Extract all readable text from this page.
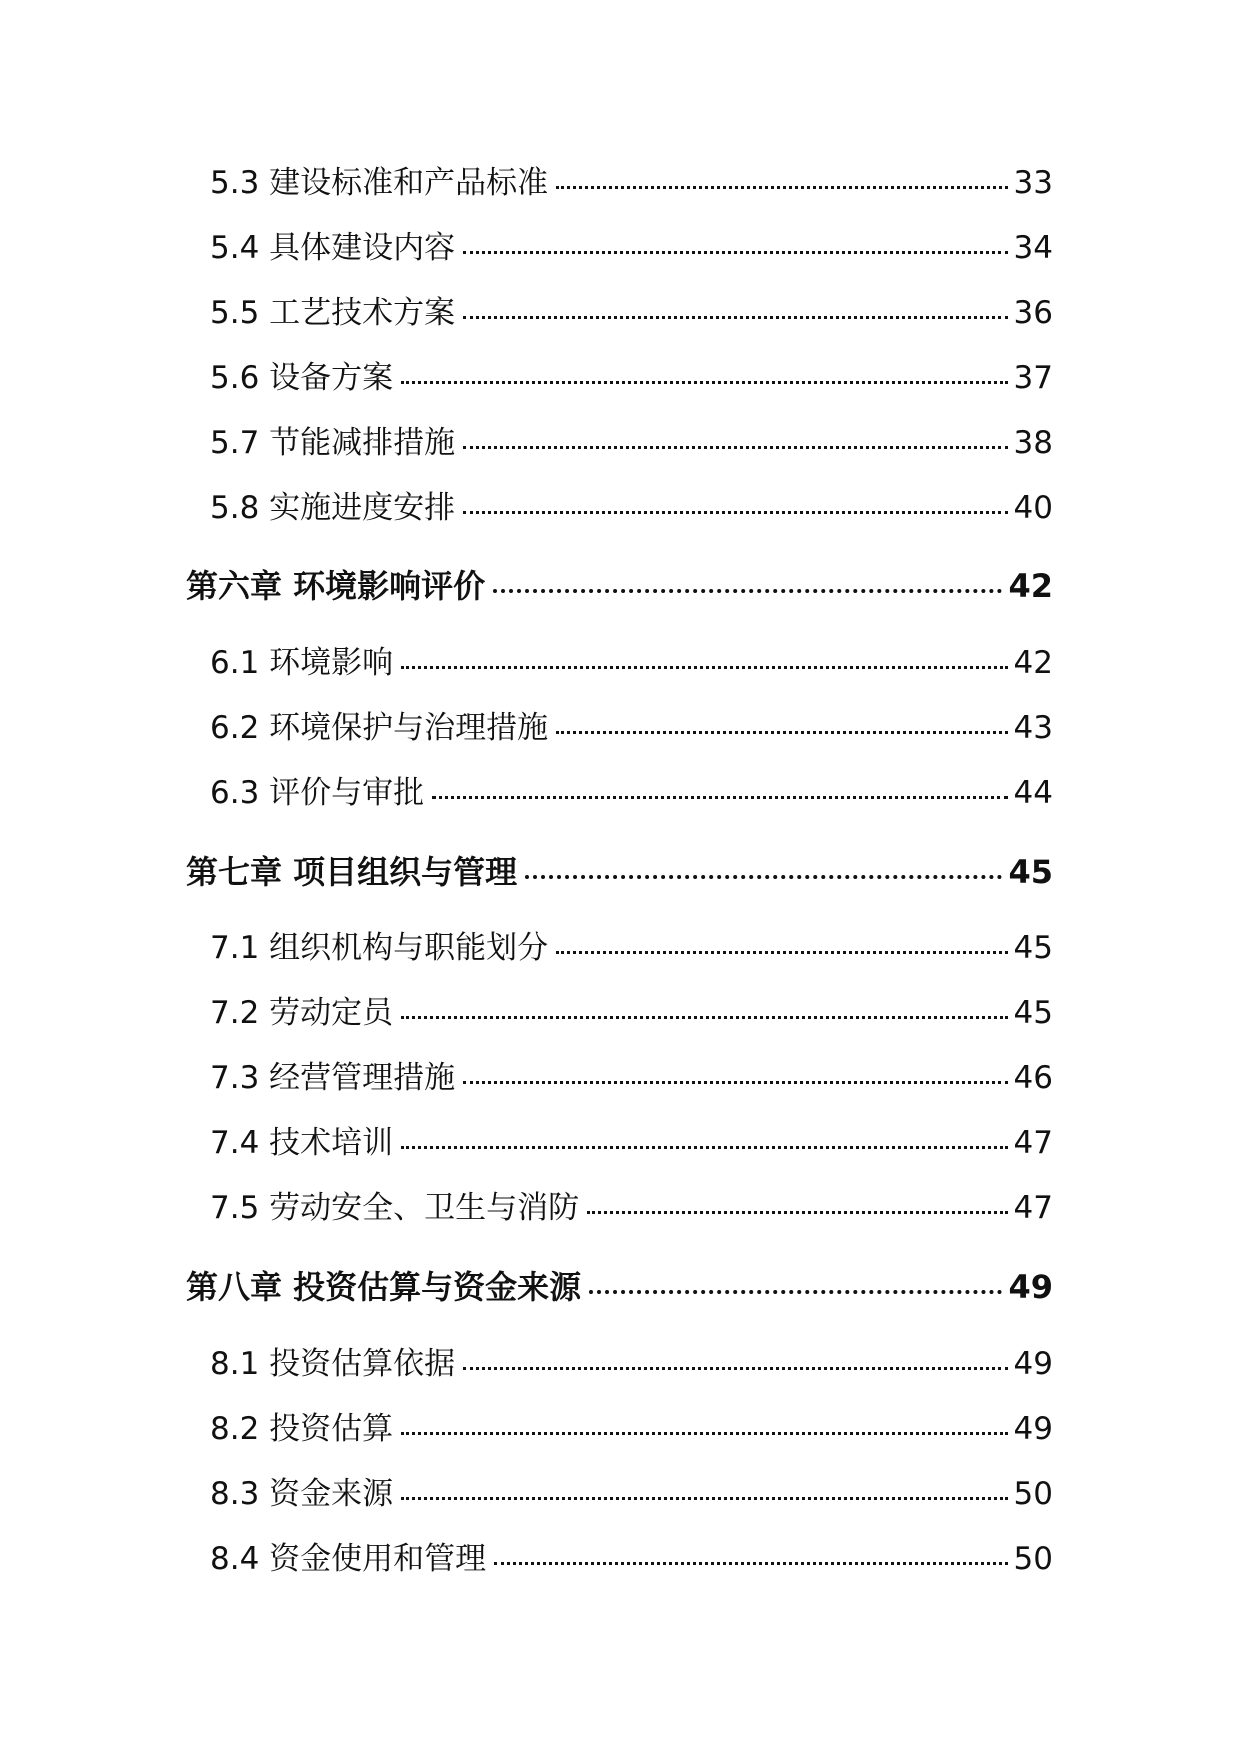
5.3 建设标准和产品标准	33
5.4 具体建设内容	34
5.5 工艺技术方案	36
5.6 设备方案	37
5.7 节能减排措施	38
5.8 实施进度安排	40
第六章 环境影响评价	42
6.1 环境影响	42
6.2 环境保护与治理措施	43
6.3 评价与审批	44
第七章 项目组织与管理	45
7.1 组织机构与职能划分	45
7.2 劳动定员	45
7.3 经营管理措施	46
7.4 技术培训	47
7.5 劳动安全、卫生与消防	47
第八章 投资估算与资金来源	49
8.1 投资估算依据	49
8.2 投资估算	49
8.3 资金来源	50
8.4 资金使用和管理	50
